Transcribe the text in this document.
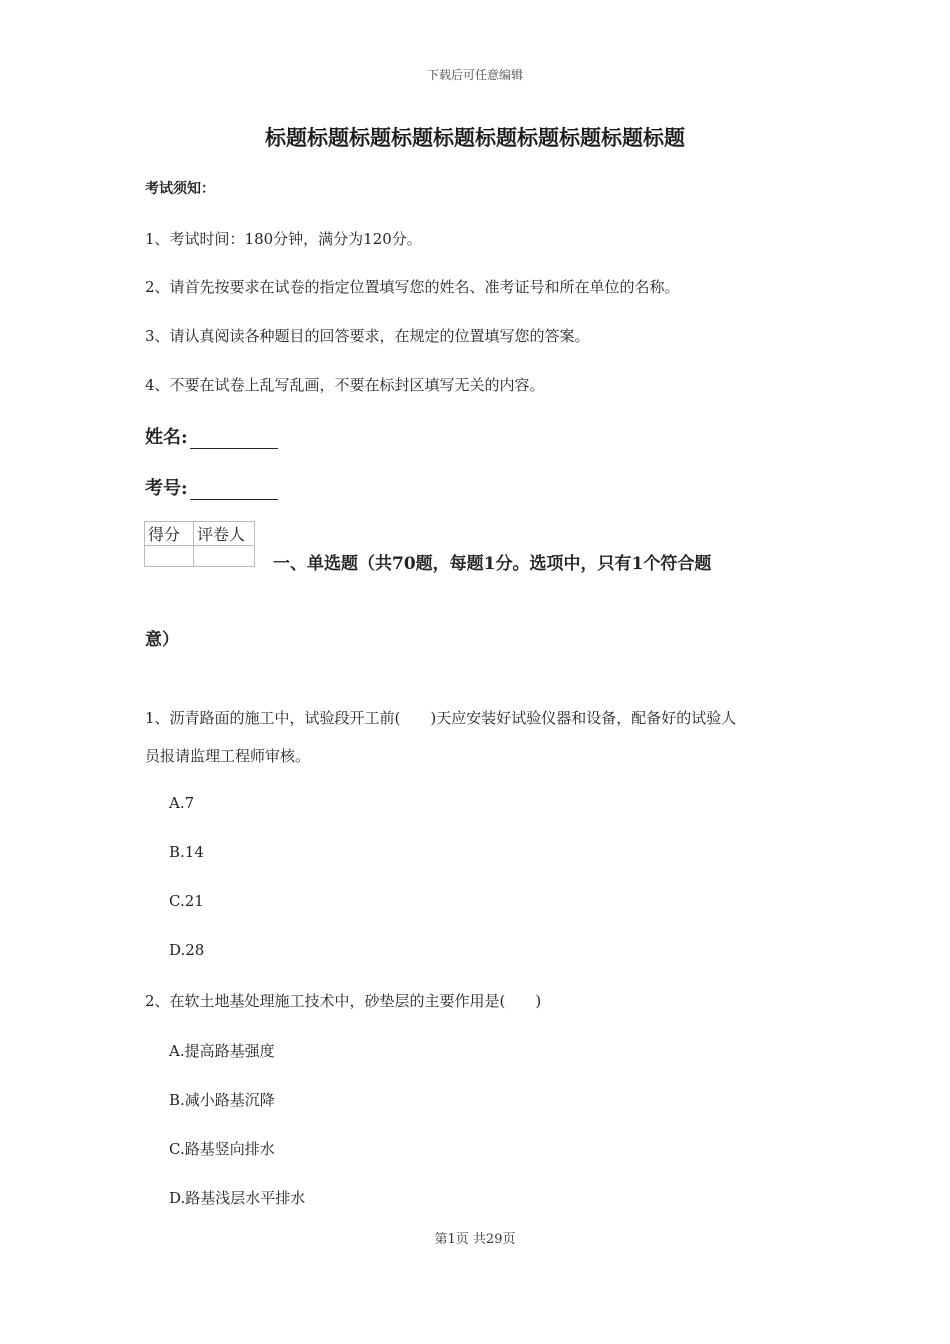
下载后可任意编辑
标题标题标题标题标题标题标题标题标题标题
考试须知：
1、考试时间：180分钟，满分为120分。
2、请首先按要求在试卷的指定位置填写您的姓名、准考证号和所在单位的名称。
3、请认真阅读各种题目的回答要求，在规定的位置填写您的答案。
4、不要在试卷上乱写乱画，不要在标封区填写无关的内容。
姓名:
考号:
得分	评卷人

一、单选题（共70题，每题1分。选项中，只有1个符合题
意）
1、沥青路面的施工中，试验段开工前(　　)天应安装好试验仪器和设备，配备好的试验人
员报请监理工程师审核。
A.7
B.14
C.21
D.28
2、在软土地基处理施工技术中，砂垫层的主要作用是(　　)
A.提高路基强度
B.减小路基沉降
C.路基竖向排水
D.路基浅层水平排水
第1页 共29页
